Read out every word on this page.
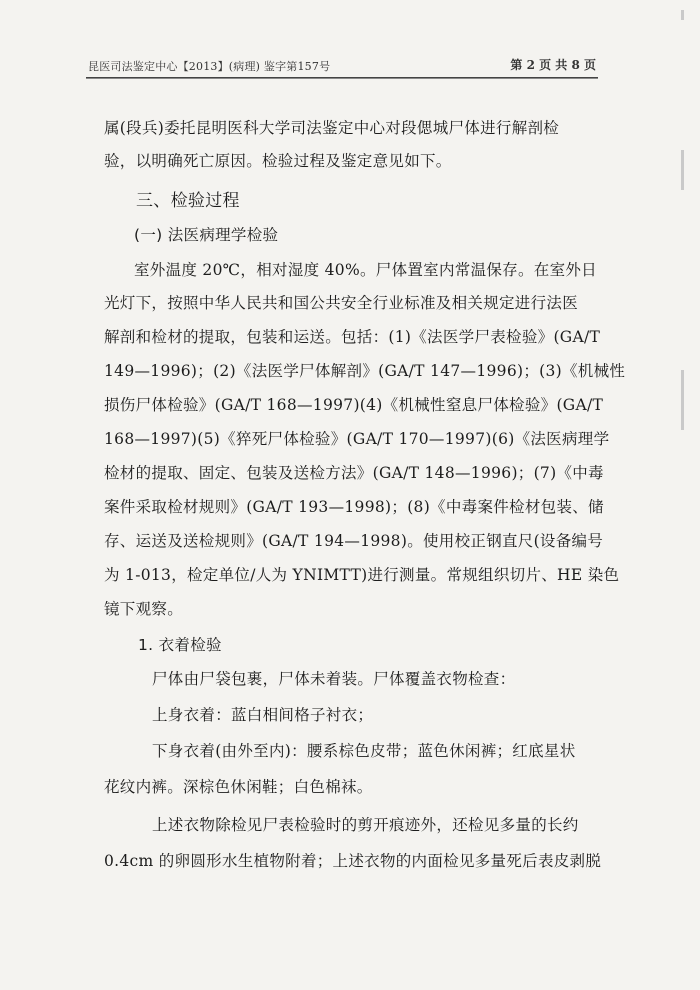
昆医司法鉴定中心【2013】(病理) 鉴字第157号	第 2 页 共 8 页
属(段兵)委托昆明医科大学司法鉴定中心对段偲城尸体进行解剖检
验，以明确死亡原因。检验过程及鉴定意见如下。
三、检验过程
(一) 法医病理学检验
室外温度 20℃，相对湿度 40%。尸体置室内常温保存。在室外日
光灯下，按照中华人民共和国公共安全行业标准及相关规定进行法医
解剖和检材的提取，包装和运送。包括：(1)《法医学尸表检验》(GA/T
149—1996)；(2)《法医学尸体解剖》(GA/T 147—1996)；(3)《机械性
损伤尸体检验》(GA/T 168—1997)(4)《机械性窒息尸体检验》(GA/T
168—1997)(5)《猝死尸体检验》(GA/T 170—1997)(6)《法医病理学
检材的提取、固定、包装及送检方法》(GA/T 148—1996)；(7)《中毒
案件采取检材规则》(GA/T 193—1998)；(8)《中毒案件检材包装、储
存、运送及送检规则》(GA/T 194—1998)。使用校正钢直尺(设备编号
为 1-013，检定单位/人为 YNIMTT)进行测量。常规组织切片、HE 染色
镜下观察。
1. 衣着检验
尸体由尸袋包裹，尸体未着装。尸体覆盖衣物检查：
上身衣着：蓝白相间格子衬衣；
下身衣着(由外至内)：腰系棕色皮带；蓝色休闲裤；红底星状
花纹内裤。深棕色休闲鞋；白色棉袜。
上述衣物除检见尸表检验时的剪开痕迹外，还检见多量的长约
0.4cm 的卵圆形水生植物附着；上述衣物的内面检见多量死后表皮剥脱
